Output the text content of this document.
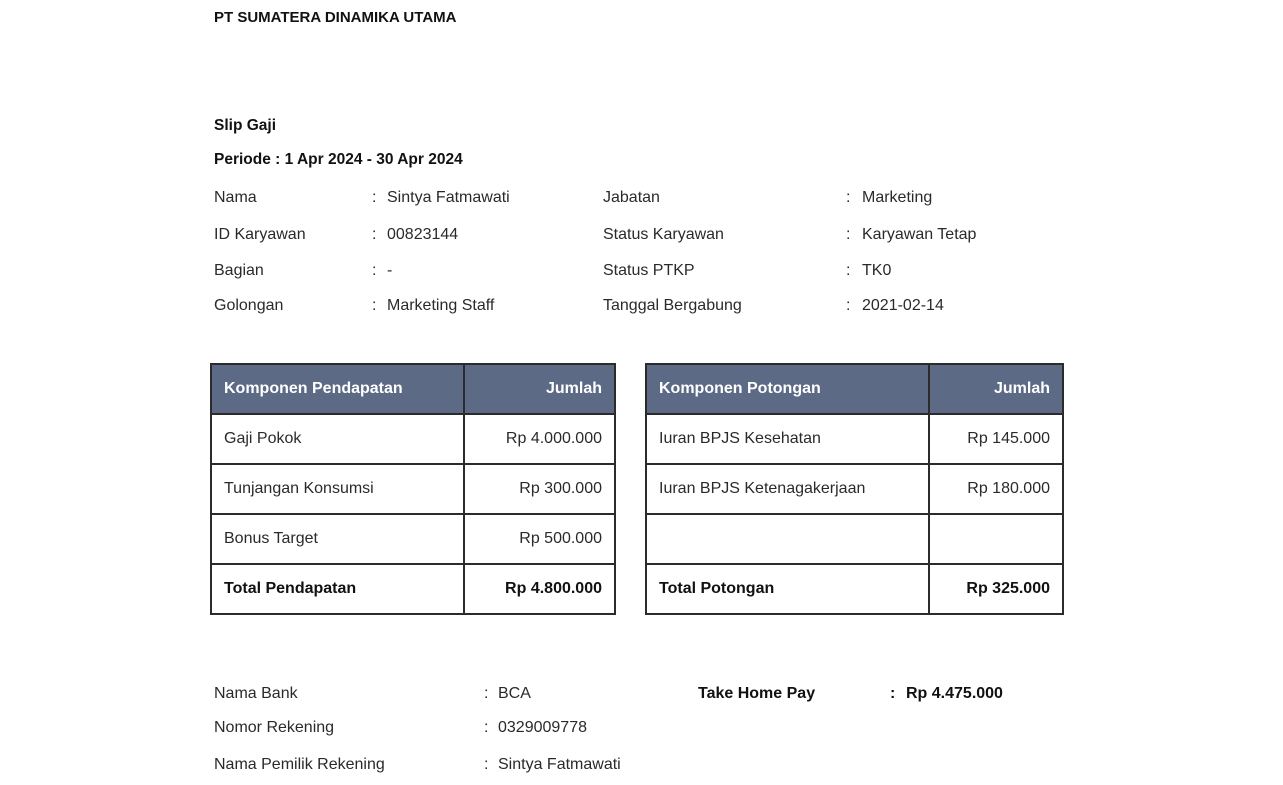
PT SUMATERA DINAMIKA UTAMA
Slip Gaji
Periode : 1 Apr 2024 - 30 Apr 2024
Nama	: Sintya Fatmawati
ID Karyawan	: 00823144
Bagian	: -
Golongan	: Marketing Staff
Jabatan	: Marketing
Status Karyawan	: Karyawan Tetap
Status PTKP	: TK0
Tanggal Bergabung	: 2021-02-14
Komponen Pendapatan	Jumlah
Gaji Pokok	Rp 4.000.000
Tunjangan Konsumsi	Rp 300.000
Bonus Target	Rp 500.000
Total Pendapatan	Rp 4.800.000
Komponen Potongan	Jumlah
Iuran BPJS Kesehatan	Rp 145.000
Iuran BPJS Ketenagakerjaan	Rp 180.000

Total Potongan	Rp 325.000
Nama Bank	: BCA
Nomor Rekening	: 0329009778
Nama Pemilik Rekening	: Sintya Fatmawati
Take Home Pay	: Rp 4.475.000
